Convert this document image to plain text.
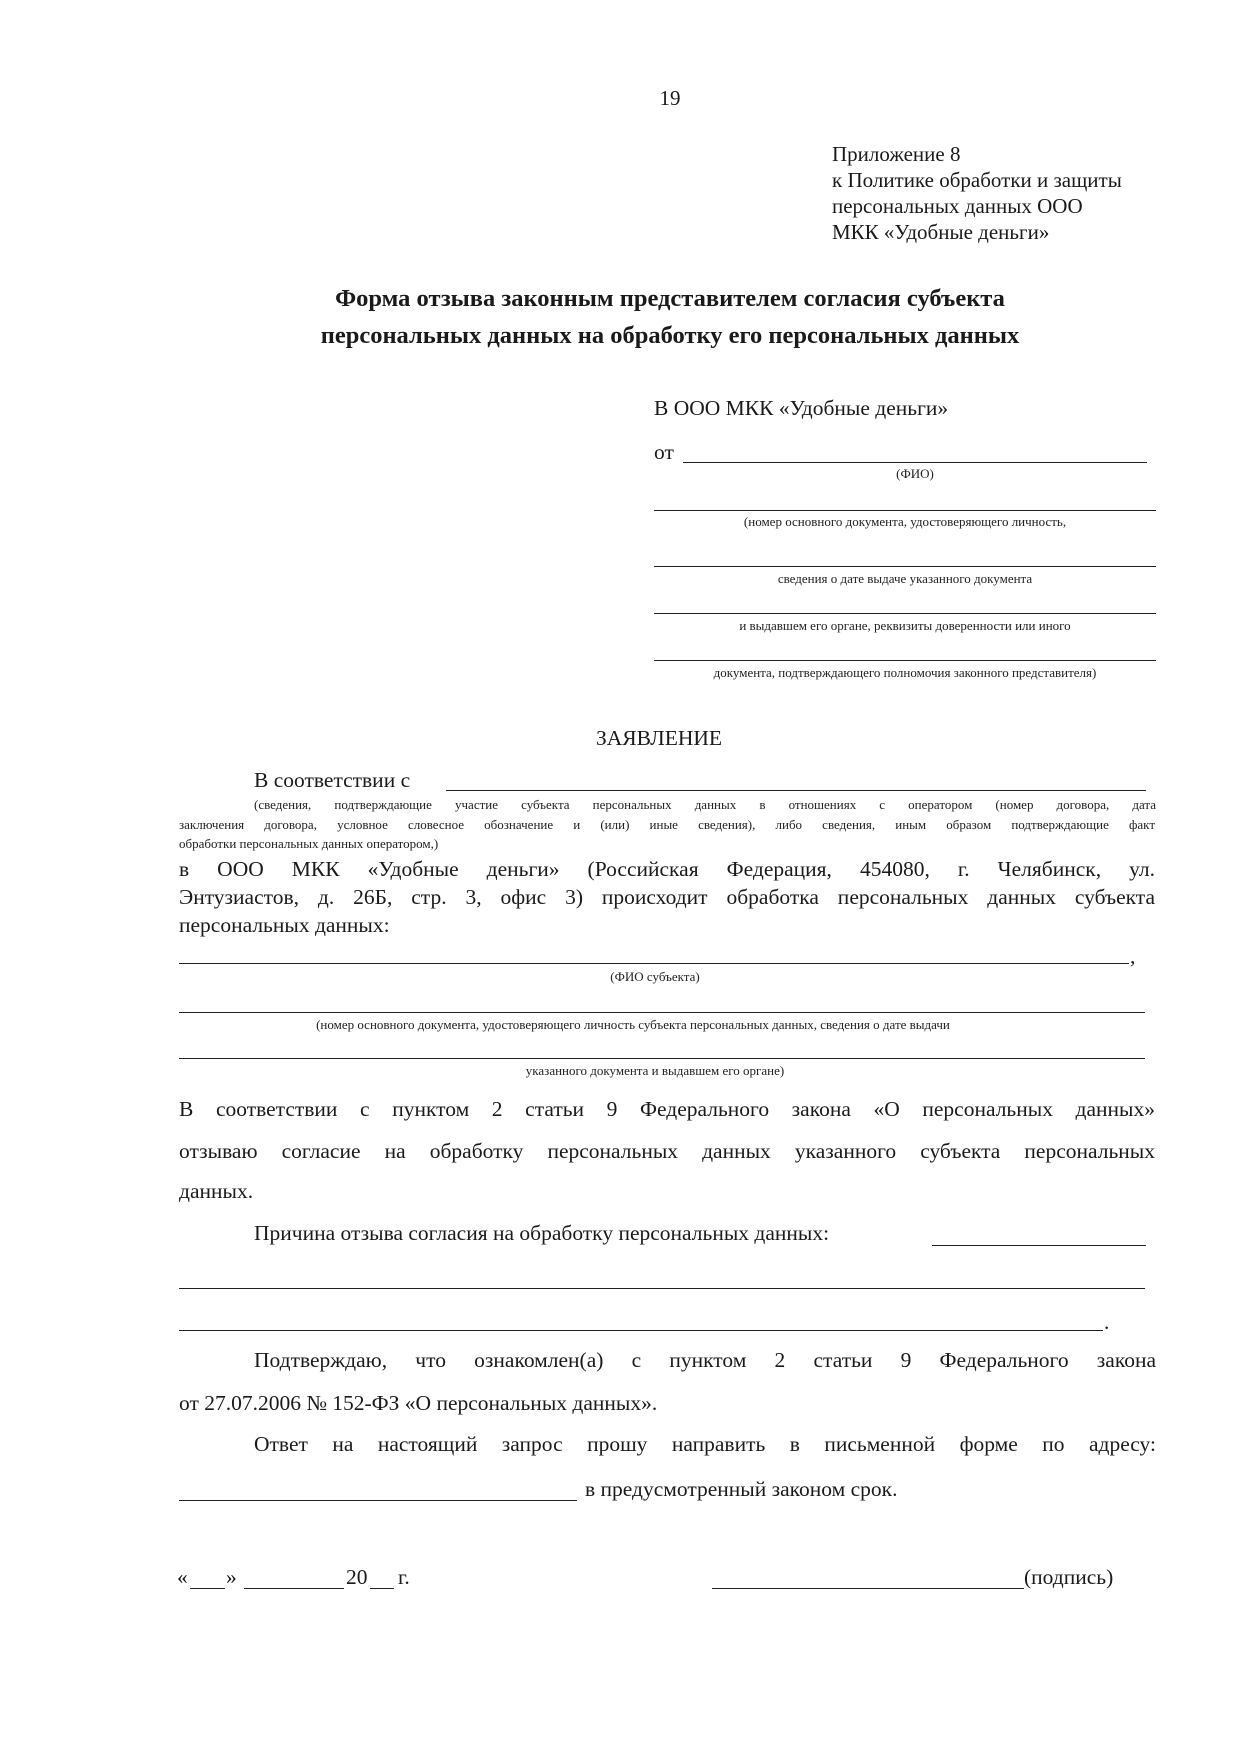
19
Приложение 8
к Политике обработки и защиты
персональных данных ООО
МКК «Удобные деньги»
Форма отзыва законным представителем согласия субъекта
персональных данных на обработку его персональных данных
В ООО МКК «Удобные деньги»
от
(ФИО)
(номер основного документа, удостоверяющего личность,
сведения о дате выдаче указанного документа
и выдавшем его органе, реквизиты доверенности или иного
документа, подтверждающего полномочия законного представителя)
ЗАЯВЛЕНИЕ
В соответствии с
(сведения, подтверждающие участие субъекта персональных данных в отношениях с оператором (номер договора, дата
заключения договора, условное словесное обозначение и (или) иные сведения), либо сведения, иным образом подтверждающие факт
обработки персональных данных оператором,)
в ООО МКК «Удобные деньги» (Российская Федерация, 454080, г. Челябинск, ул.
Энтузиастов, д. 26Б, стр. 3, офис 3) происходит обработка персональных данных субъекта
персональных данных:
,
(ФИО субъекта)
(номер основного документа, удостоверяющего личность субъекта персональных данных, сведения о дате выдачи
указанного документа и выдавшем его органе)
В соответствии с пунктом 2 статьи 9 Федерального закона «О персональных данных»
отзываю согласие на обработку персональных данных указанного субъекта персональных
данных.
Причина отзыва согласия на обработку персональных данных:
.
Подтверждаю, что ознакомлен(а) с пунктом 2 статьи 9 Федерального закона
от 27.07.2006 № 152-ФЗ «О персональных данных».
Ответ на настоящий запрос прошу направить в письменной форме по адресу:
в предусмотренный законом срок.
« »	20 г.	(подпись)
